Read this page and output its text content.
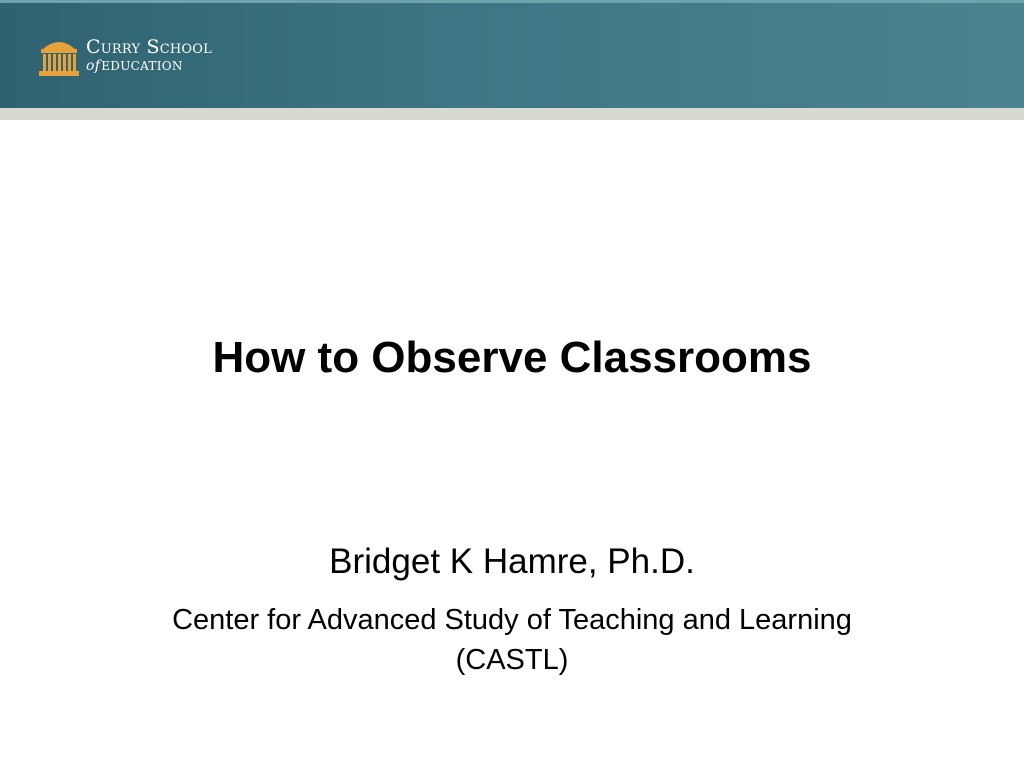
Curry School
ofEDUCATION
How to Observe Classrooms
Bridget K Hamre, Ph.D.
Center for Advanced Study of Teaching and Learning (CASTL)
